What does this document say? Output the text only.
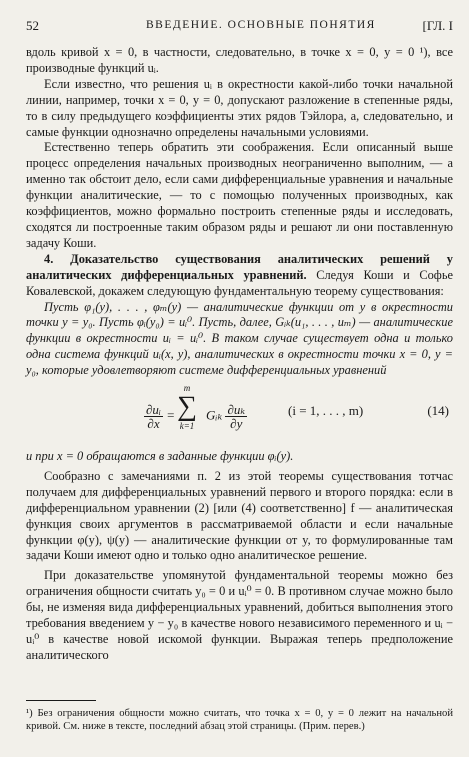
52	ВВЕДЕНИЕ. ОСНОВНЫЕ ПОНЯТИЯ	[ГЛ. I

вдоль кривой x = 0, в частности, следовательно, в точке x = 0, y = 0 ¹), все производные функций uᵢ.

Если известно, что решения uᵢ в окрестности какой-либо точки начальной линии, например, точки x = 0, y = 0, допускают разложение в степенные ряды, то в силу предыдущего коэффициенты этих рядов Тэйлора, а, следовательно, и самые функции однозначно определены начальными условиями.

Естественно теперь обратить эти соображения. Если описанный выше процесс определения начальных производных неограниченно выполним, — а именно так обстоит дело, если сами дифференциальные уравнения и начальные функции аналитические, — то с помощью полученных производных, как коэффициентов, можно формально построить степенные ряды и исследовать, сходятся ли построенные таким образом ряды и решают ли они поставленную задачу Коши.

4. Доказательство существования аналитических решений у аналитических дифференциальных уравнений. Следуя Коши и Софье Ковалевской, докажем следующую фундаментальную теорему существования:

Пусть φ₁(y), . . . , φₘ(y) — аналитические функции от y в окрестности точки y = y₀. Пусть φᵢ(y₀) = uᵢ⁰. Пусть, далее, Gᵢₖ(u₁, . . . , uₘ) — аналитические функции в окрестности uᵢ = uᵢ⁰. В таком случае существует одна и только одна система функций uᵢ(x, y), аналитических в окрестности точки x = 0, y = y₀, которые удовлетворяют системе дифференциальных уравнений

$\frac{\text{∂uᵢ}}{\partial x}$ =
m
∑
k=1
Gᵢₖ $\frac{\text{∂uₖ}}{\partial y}$	(i = 1, . . . , m)	(14)

и при x = 0 обращаются в заданные функции φᵢ(y).

Сообразно с замечаниями п. 2 из этой теоремы существования тотчас получаем для дифференциальных уравнений первого и второго порядка: если в дифференциальном уравнении (2) [или (4) соответственно] f — аналитическая функция своих аргументов в рассматриваемой области и если начальные функции φ(y), ψ(y) — аналитические функции от y, то формулированные там задачи Коши имеют одно и только одно аналитическое решение.

При доказательстве упомянутой фундаментальной теоремы можно без ограничения общности считать y₀ = 0 и uᵢ⁰ = 0. В противном случае можно было бы, не изменяя вида дифференциальных уравнений, добиться выполнения этого требования введением y − y₀ в качестве нового независимого переменного и uᵢ − uᵢ⁰ в качестве новой искомой функции. Выражая теперь предположение аналитического

¹) Без ограничения общности можно считать, что точка x = 0, y = 0 лежит на начальной кривой. См. ниже в тексте, последний абзац этой страницы. (Прим. перев.)
